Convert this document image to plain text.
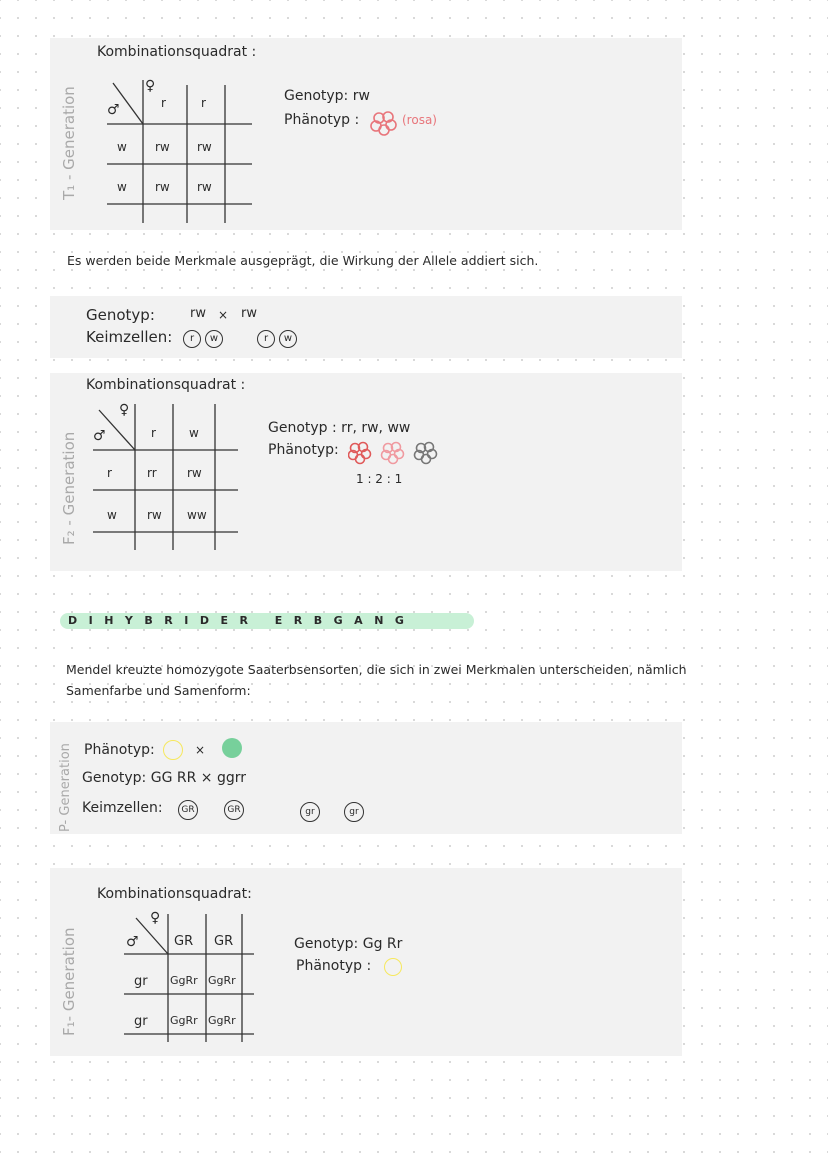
T₁ - Generation
Kombinationsquadrat :
♀
♂	r	r
w rw rw
w rw rw
Genotyp: rw
Phänotyp :	(rosa)
Es werden beide Merkmale ausgeprägt, die Wirkung der Allele addiert sich.
F₂ - Generation
Genotyp:	rw × rw
Keimzellen:	r w	r w
Kombinationsquadrat :
♀
♂	r	w
r	rr	rw
w	rw ww
Genotyp : rr, rw, ww
Phänotyp:
1 : 2 : 1
DIHYBRIDER ERBGANG
Mendel kreuzte homozygote Saaterbsensorten, die sich in zwei Merkmalen unterscheiden, nämlich
Samenfarbe und Samenform:
P- Generation Phänotyp:	×
Genotyp: GG RR × ggrr
Keimzellen:	GR	GR	gr	gr
F₁- Generation
Kombinationsquadrat:
♀
♂	GR GR
gr GgRr GgRr
gr GgRr GgRr
Genotyp: Gg Rr
Phänotyp :
